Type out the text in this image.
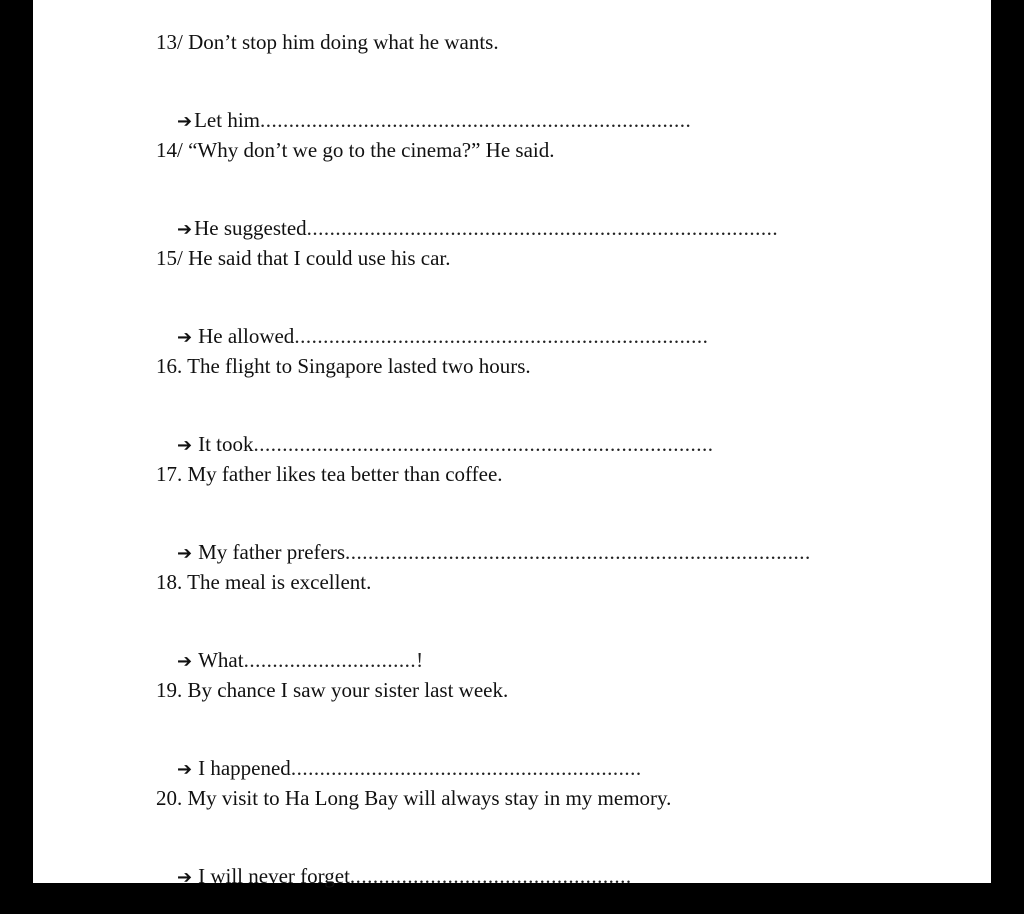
13/ Don’t stop him doing what he wants.

➔Let him...........................................................................

14/ “Why don’t we go to the cinema?” He said.

➔He suggested..................................................................................

15/ He said that I could use his car.

➔ He allowed........................................................................

16. The flight to Singapore lasted two hours.

➔ It took................................................................................

17. My father likes tea better than coffee.

➔ My father prefers.................................................................................

18. The meal is excellent.

➔ What..............................!

19. By chance I saw your sister last week.

➔ I happened.............................................................

20. My visit to Ha Long Bay will always stay in my memory.

➔ I will never forget.................................................
